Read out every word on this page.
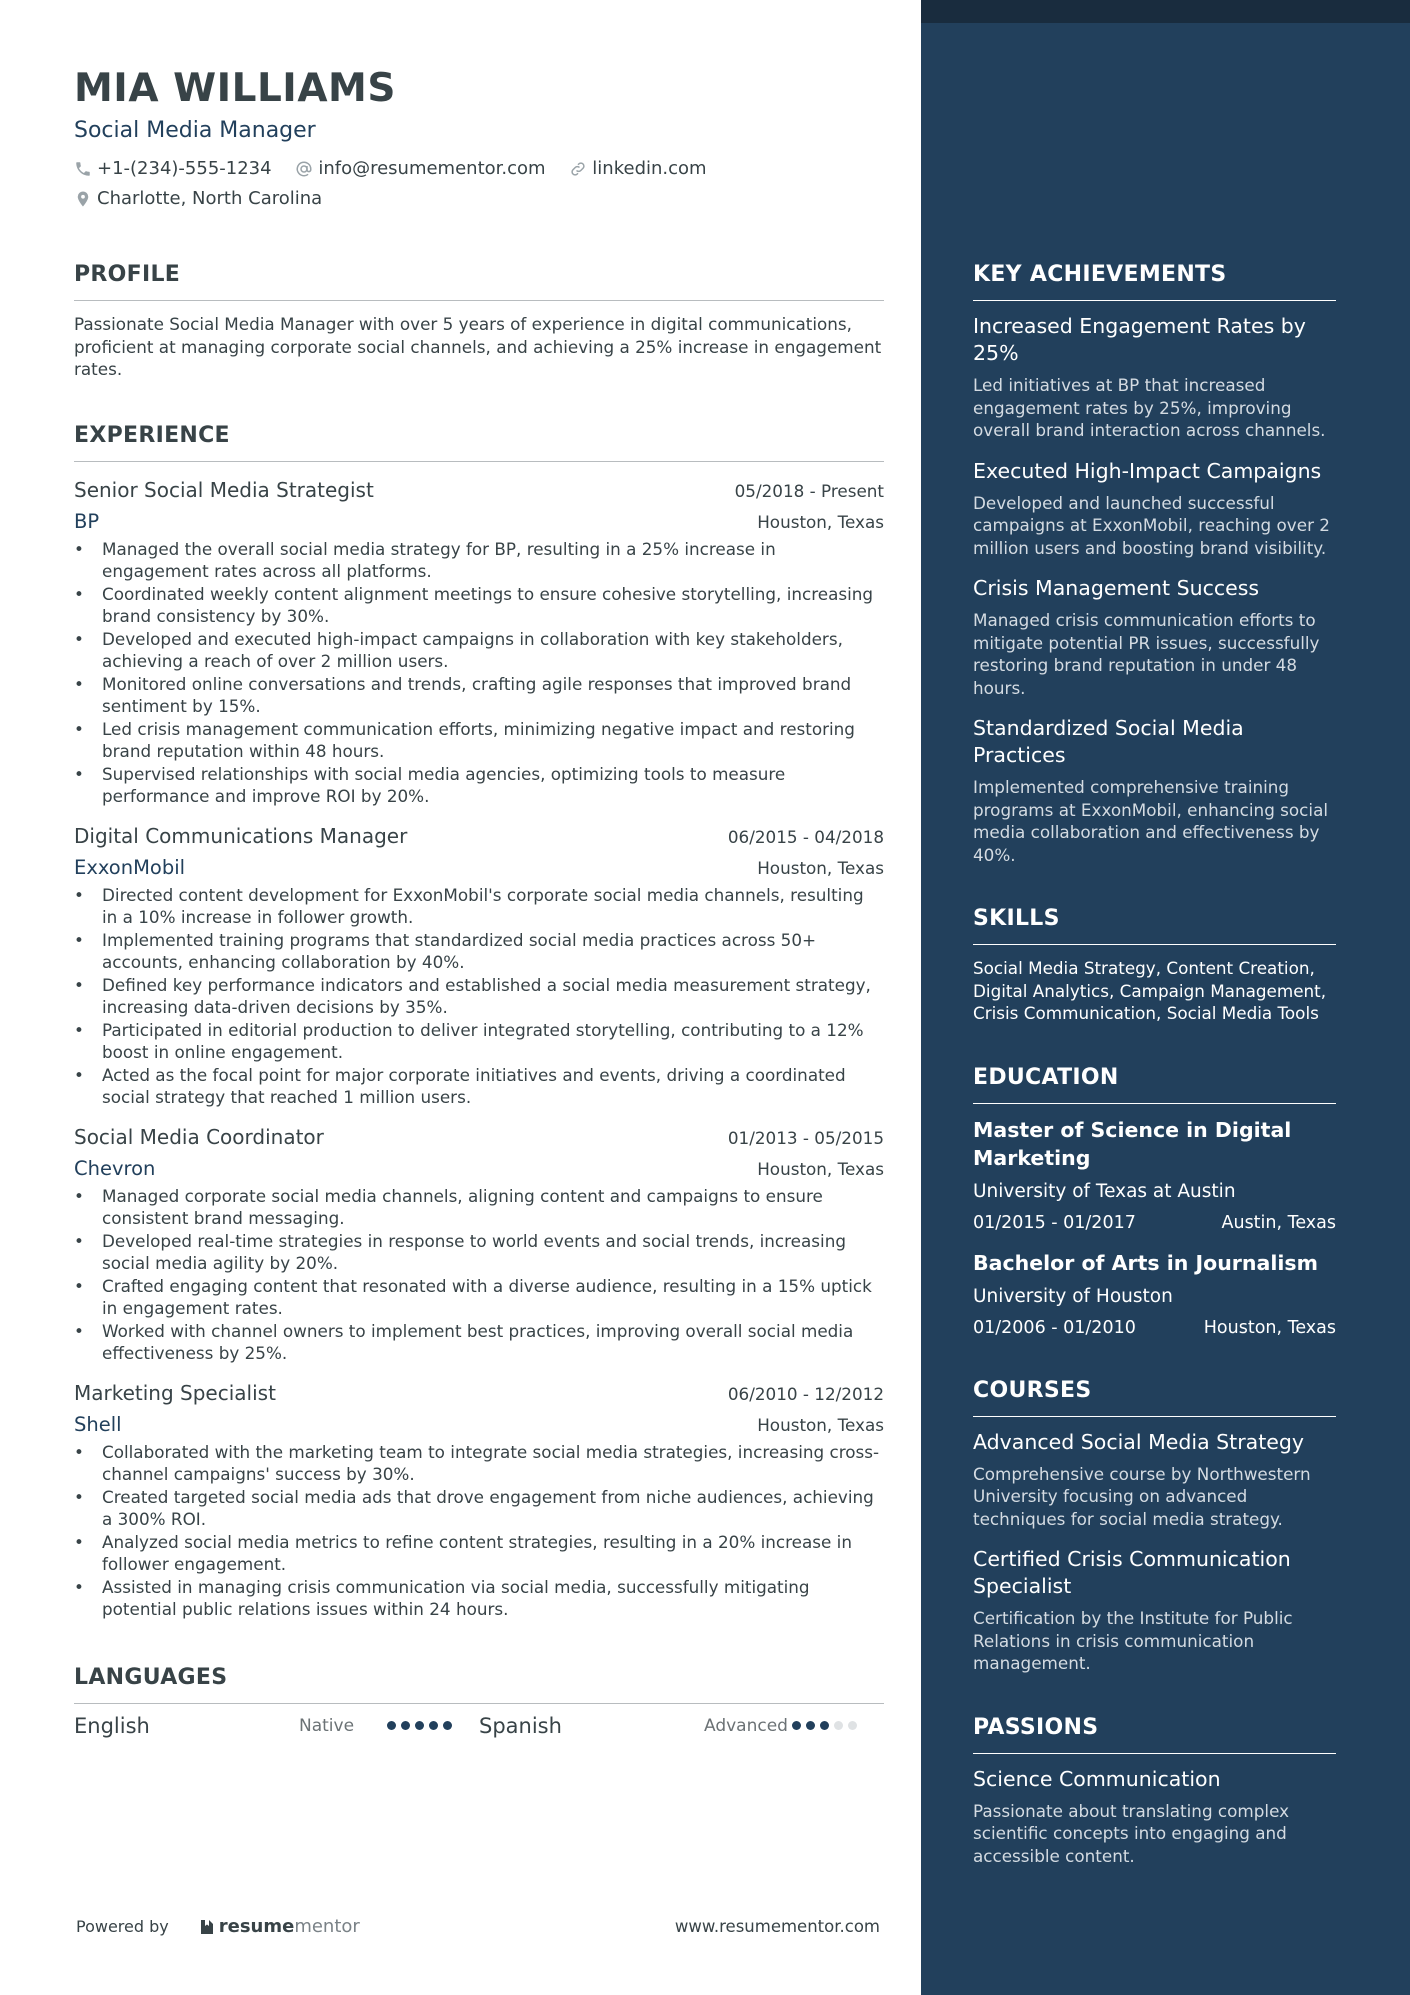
MIA WILLIAMS
Social Media Manager
+1-(234)-555-1234
	info@resumementor.com
	linkedin.com
Charlotte, North Carolina
PROFILE
Passionate Social Media Manager with over 5 years of experience in digital communications, proficient at managing corporate social channels, and achieving a 25% increase in engagement rates.
EXPERIENCE
Senior Social Media Strategist	05/2018 - Present
BP	Houston, Texas
• Managed the overall social media strategy for BP, resulting in a 25% increase in engagement rates across all platforms.
• Coordinated weekly content alignment meetings to ensure cohesive storytelling, increasing brand consistency by 30%.
• Developed and executed high-impact campaigns in collaboration with key stakeholders, achieving a reach of over 2 million users.
• Monitored online conversations and trends, crafting agile responses that improved brand sentiment by 15%.
• Led crisis management communication efforts, minimizing negative impact and restoring brand reputation within 48 hours.
• Supervised relationships with social media agencies, optimizing tools to measure performance and improve ROI by 20%.
Digital Communications Manager	06/2015 - 04/2018
ExxonMobil	Houston, Texas
• Directed content development for ExxonMobil's corporate social media channels, resulting in a 10% increase in follower growth.
• Implemented training programs that standardized social media practices across 50+ accounts, enhancing collaboration by 40%.
• Defined key performance indicators and established a social media measurement strategy, increasing data-driven decisions by 35%.
• Participated in editorial production to deliver integrated storytelling, contributing to a 12% boost in online engagement.
• Acted as the focal point for major corporate initiatives and events, driving a coordinated social strategy that reached 1 million users.
Social Media Coordinator	01/2013 - 05/2015
Chevron	Houston, Texas
• Managed corporate social media channels, aligning content and campaigns to ensure consistent brand messaging.
• Developed real-time strategies in response to world events and social trends, increasing social media agility by 20%.
• Crafted engaging content that resonated with a diverse audience, resulting in a 15% uptick in engagement rates.
• Worked with channel owners to implement best practices, improving overall social media effectiveness by 25%.
Marketing Specialist	06/2010 - 12/2012
Shell	Houston, Texas
• Collaborated with the marketing team to integrate social media strategies, increasing cross-channel campaigns' success by 30%.
• Created targeted social media ads that drove engagement from niche audiences, achieving a 300% ROI.
• Analyzed social media metrics to refine content strategies, resulting in a 20% increase in follower engagement.
• Assisted in managing crisis communication via social media, successfully mitigating potential public relations issues within 24 hours.
LANGUAGES
English	Native	Spanish	Advanced
Powered by	resume mentor	www.resumementor.com
KEY ACHIEVEMENTS
Increased Engagement Rates by 25%
Led initiatives at BP that increased engagement rates by 25%, improving overall brand interaction across channels.
Executed High-Impact Campaigns
Developed and launched successful campaigns at ExxonMobil, reaching over 2 million users and boosting brand visibility.
Crisis Management Success
Managed crisis communication efforts to mitigate potential PR issues, successfully restoring brand reputation in under 48 hours.
Standardized Social Media Practices
Implemented comprehensive training programs at ExxonMobil, enhancing social media collaboration and effectiveness by 40%.
SKILLS
Social Media Strategy, Content Creation, Digital Analytics, Campaign Management, Crisis Communication, Social Media Tools
EDUCATION
Master of Science in Digital Marketing
University of Texas at Austin
01/2015 - 01/2017	Austin, Texas
Bachelor of Arts in Journalism
University of Houston
01/2006 - 01/2010	Houston, Texas
COURSES
Advanced Social Media Strategy
Comprehensive course by Northwestern University focusing on advanced techniques for social media strategy.
Certified Crisis Communication Specialist
Certification by the Institute for Public Relations in crisis communication management.
PASSIONS
Science Communication
Passionate about translating complex scientific concepts into engaging and accessible content.
